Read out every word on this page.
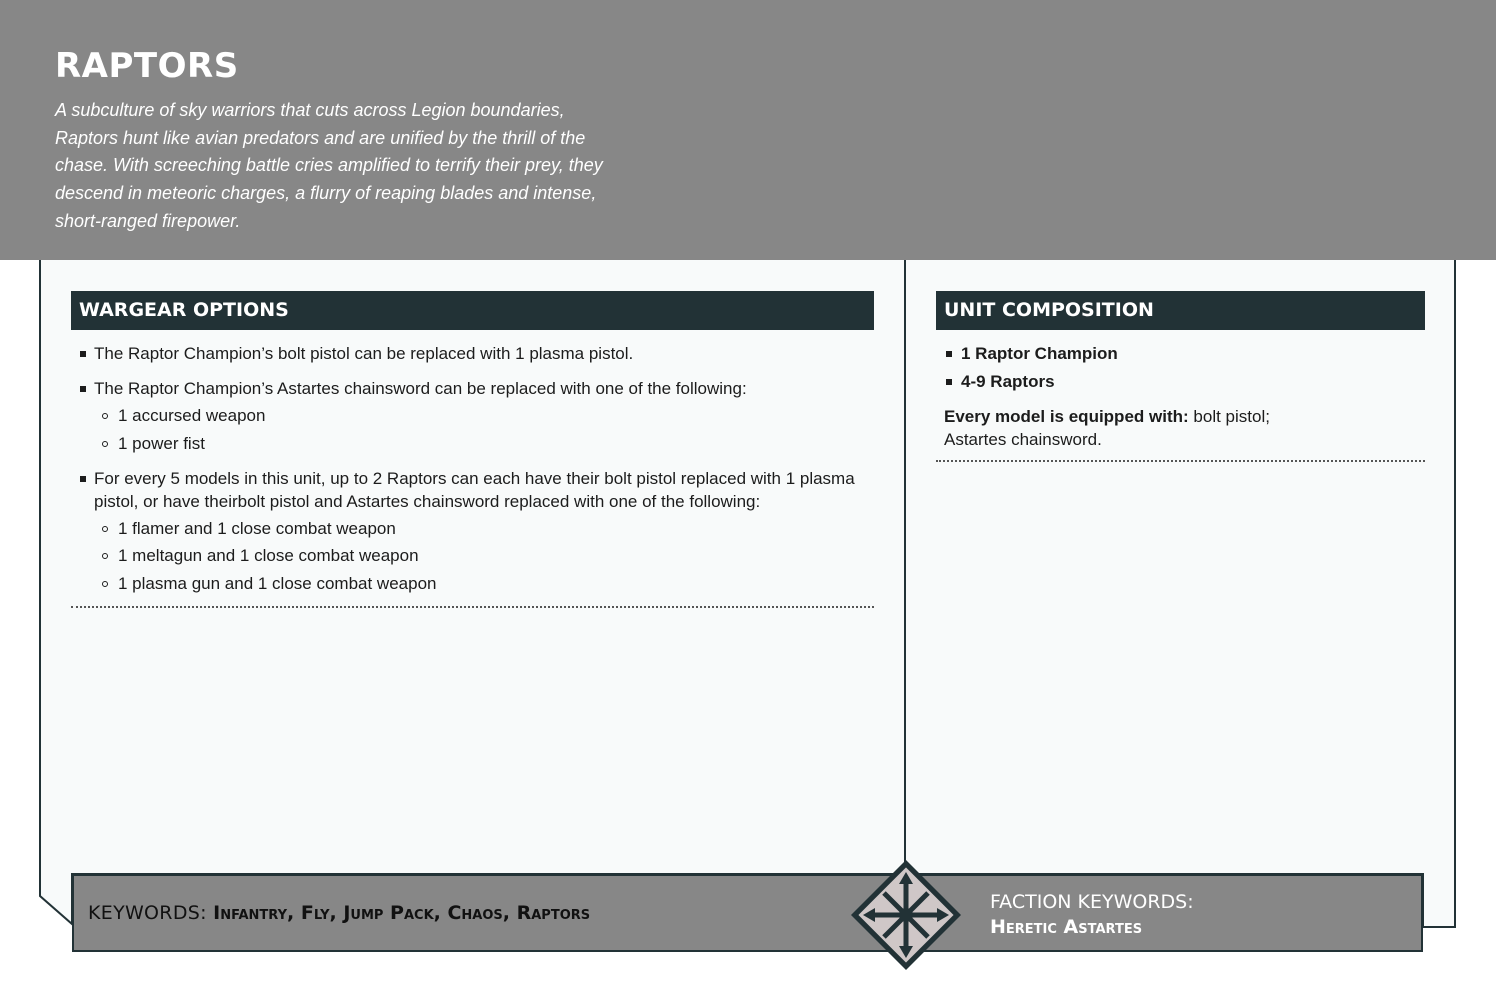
RAPTORS

A subculture of sky warriors that cuts across Legion boundaries, Raptors hunt like avian predators and are unified by the thrill of the chase. With screeching battle cries amplified to terrify their prey, they descend in meteoric charges, a flurry of reaping blades and intense, short-ranged firepower.

WARGEAR OPTIONS
The Raptor Champion’s bolt pistol can be replaced with 1 plasma pistol.
The Raptor Champion’s Astartes chainsword can be replaced with one of the following:
1 accursed weapon
1 power fist
For every 5 models in this unit, up to 2 Raptors can each have their bolt pistol replaced with 1 plasma pistol, or have theirbolt pistol and Astartes chainsword replaced with one of the following:
1 flamer and 1 close combat weapon
1 meltagun and 1 close combat weapon
1 plasma gun and 1 close combat weapon
UNIT COMPOSITION
1 Raptor Champion
4-9 Raptors
Every model is equipped with: bolt pistol; Astartes chainsword.
KEYWORDS: Infantry, Fly, Jump Pack, Chaos, Raptors	FACTION KEYWORDS:
Heretic Astartes
